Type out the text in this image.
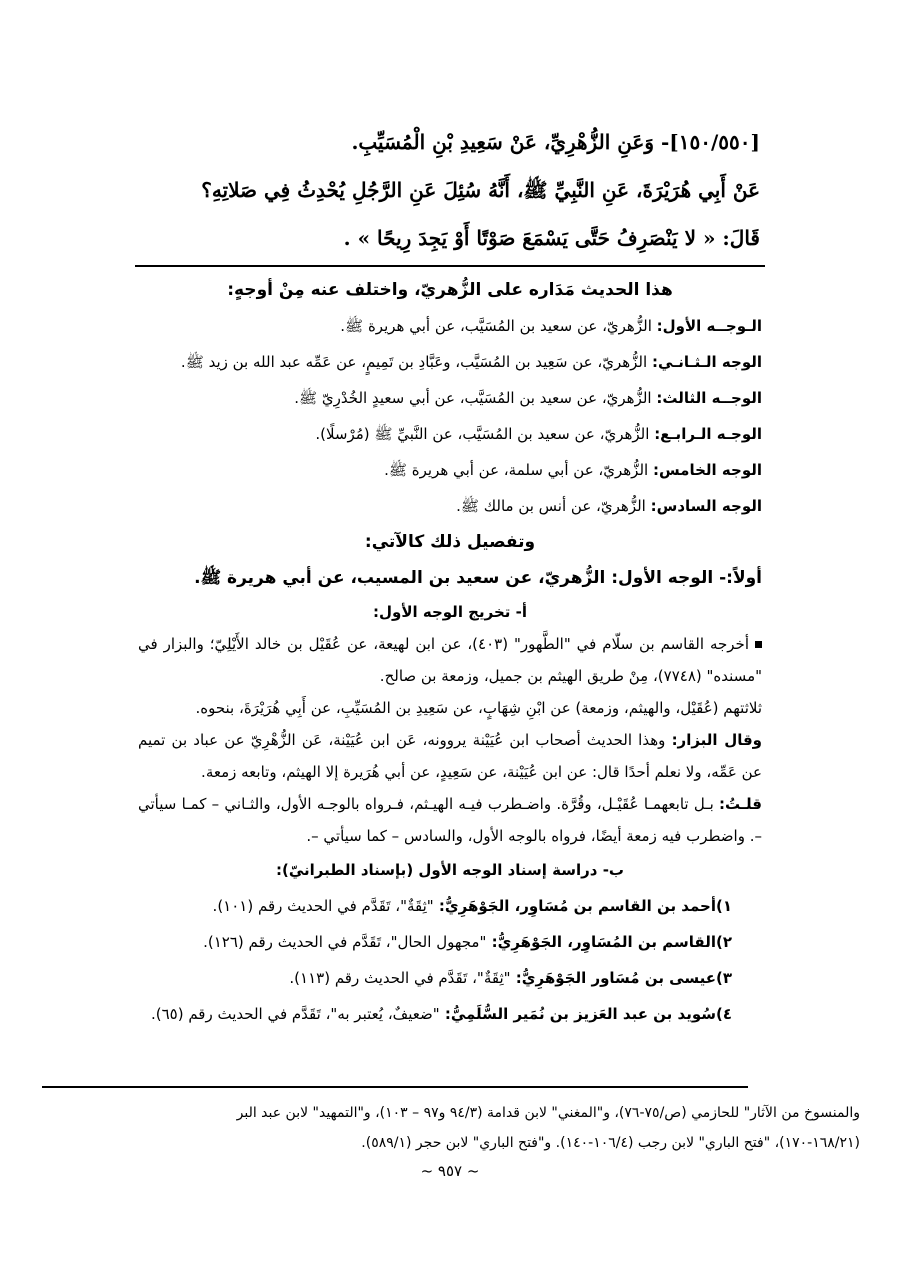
[١٥٠/٥٥٠]- وَعَنِ الزُّهْرِيِّ، عَنْ سَعِيدِ بْنِ الْمُسَيِّبِ.
عَنْ أَبِي هُرَيْرَةَ، عَنِ النَّبِيِّ ﷺ، أَنَّهُ سُئِلَ عَنِ الرَّجُلِ يُحْدِثُ فِي صَلاتِهِ؟
قَالَ: « لا يَنْصَرِفُ حَتَّى يَسْمَعَ صَوْتًا أَوْ يَجِدَ رِيحًا » .
هذا الحديث مَدَاره على الزُّهريّ، واختلف عنه مِنْ أوجهٍ:
الـوجــه الأول: الزُّهريّ، عن سعيد بن المُسَيَّب، عن أبي هريرة ﷺ.
الوجه الـثـانـي: الزُّهريّ، عن سَعِيد بن المُسَيَّب، وعَبَّادِ بن تَمِيمٍ، عن عَمِّه عبد الله بن زيد ﷺ.
الوجــه الثالث: الزُّهريّ، عن سعيد بن المُسَيَّب، عن أبي سعيدٍ الخُدْرِيّ ﷺ.
الوجـه الـرابـع: الزُّهريّ، عن سعيد بن المُسَيَّب، عن النَّبيِّ ﷺ (مُرْسلًا).
الوجه الخامس: الزُّهريّ، عن أبي سلمة، عن أبي هريرة ﷺ.
الوجه السادس: الزُّهريّ، عن أنس بن مالك ﷺ.
وتفصيل ذلك كالآتي:
أولاً:- الوجه الأول: الزُّهريّ، عن سعيد بن المسيب، عن أبي هريرة ﷺ.
أ- تخريج الوجه الأول:
أخرجه القاسم بن سلّام في "الطَّهور" (٤٠٣)، عن ابن لهيعة، عن عُقَيْل بن خالد الأَيْلِيّ؛ والبزار في "مسنده" (٧٧٤٨)، مِنْ طريق الهيثم بن جميل، وزمعة بن صالح.
ثلاثتهم (عُقَيْل، والهيثم، وزمعة) عن ابْنِ شِهَابٍ، عن سَعِيدِ بن المُسَيِّبِ، عن أَبِي هُرَيْرَةَ، بنحوه.
وقال البزار: وهذا الحديث أصحاب ابن عُيَيْنة يروونه، عَن ابن عُيَيْنة، عَن الزُّهْرِيّ عن عباد بن تميم عن عَمِّه، ولا نعلم أحدًا قال: عن ابن عُيَيْنة، عن سَعِيدٍ، عن أبي هُرَيرة إلا الهيثم، وتابعه زمعة.
قلـتُ: بـل تابعهمـا عُقَيْـل، وقُرَّة. واضـطرب فيـه الهيـثم، فـرواه بالوجـه الأول، والثـاني – كمـا سيأتي –. واضطرب فيه زمعة أيضًا، فرواه بالوجه الأول، والسادس – كما سيأتي –.
ب- دراسة إسناد الوجه الأول (بإسناد الطبرانيّ):
١)أحمد بن القاسم بن مُسَاوِر، الجَوْهَرِيُّ: "ثِقَةٌ"، تَقَدَّم في الحديث رقم (١٠١).
٢)القاسم بن المُسَاوِر، الجَوْهَرِيُّ: "مجهول الحال"، تَقَدَّم في الحديث رقم (١٢٦).
٣)عيسى بن مُسَاور الجَوْهَرِيُّ: "ثِقَةٌ"، تَقَدَّم في الحديث رقم (١١٣).
٤)سُويد بن عبد العَزيز بن نُمَير السُّلَمِيُّ: "ضعيفٌ، يُعتبر به"، تَقَدَّم في الحديث رقم (٦٥).
والمنسوخ من الآثار" للحازمي (ص/٧٥-٧٦)، و"المغني" لابن قدامة (٩٤/٣ و٩٧ – ١٠٣)، و"التمهيد" لابن عبد البر
(١٦٨/٢١-١٧٠)، "فتح الباري" لابن رجب (١٠٦/٤-١٤٠). و"فتح الباري" لابن حجر (٥٨٩/١).
~ ٩٥٧ ~
